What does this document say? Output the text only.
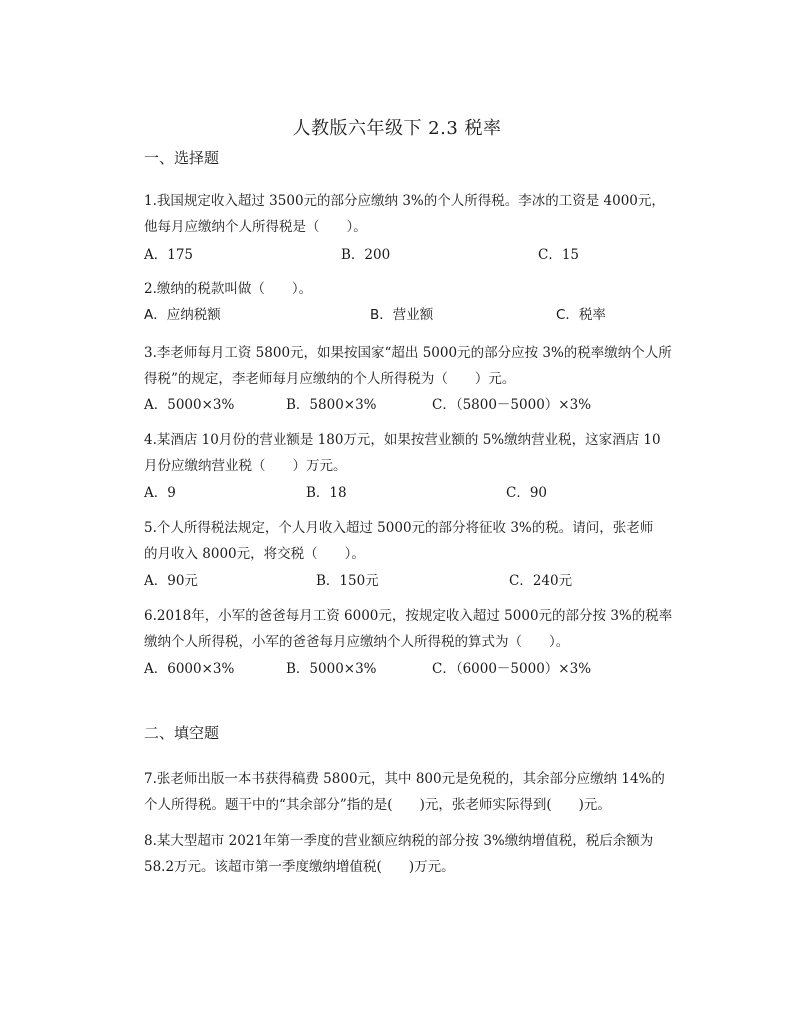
人教版六年级下 2.3 税率
一、选择题
1.我国规定收入超过 3500元的部分应缴纳 3%的个人所得税。李冰的工资是 4000元，
他每月应缴纳个人所得税是（　　）。
A．175	B．200	C．15
2.缴纳的税款叫做（　　）。
A．应纳税额	B．营业额	C．税率
3.李老师每月工资 5800元，如果按国家“超出 5000元的部分应按 3%的税率缴纳个人所
得税”的规定，李老师每月应缴纳的个人所得税为（　　）元。
A．5000×3%	B．5800×3%	C．（5800－5000）×3%
4.某酒店 10月份的营业额是 180万元，如果按营业额的 5%缴纳营业税，这家酒店 10
月份应缴纳营业税（　　）万元。
A．9	B．18	C．90
5.个人所得税法规定，个人月收入超过 5000元的部分将征收 3%的税。请问，张老师
的月收入 8000元，将交税（　　）。
A．90元	B．150元	C．240元
6.2018年，小军的爸爸每月工资 6000元，按规定收入超过 5000元的部分按 3%的税率
缴纳个人所得税，小军的爸爸每月应缴纳个人所得税的算式为（　　）。
A．6000×3%	B．5000×3%	C．（6000－5000）×3%
二、填空题
7.张老师出版一本书获得稿费 5800元，其中 800元是免税的，其余部分应缴纳 14%的
个人所得税。题干中的“其余部分”指的是(　　)元，张老师实际得到(　　)元。
8.某大型超市 2021年第一季度的营业额应纳税的部分按 3%缴纳增值税，税后余额为
58.2万元。该超市第一季度缴纳增值税(　　)万元。
